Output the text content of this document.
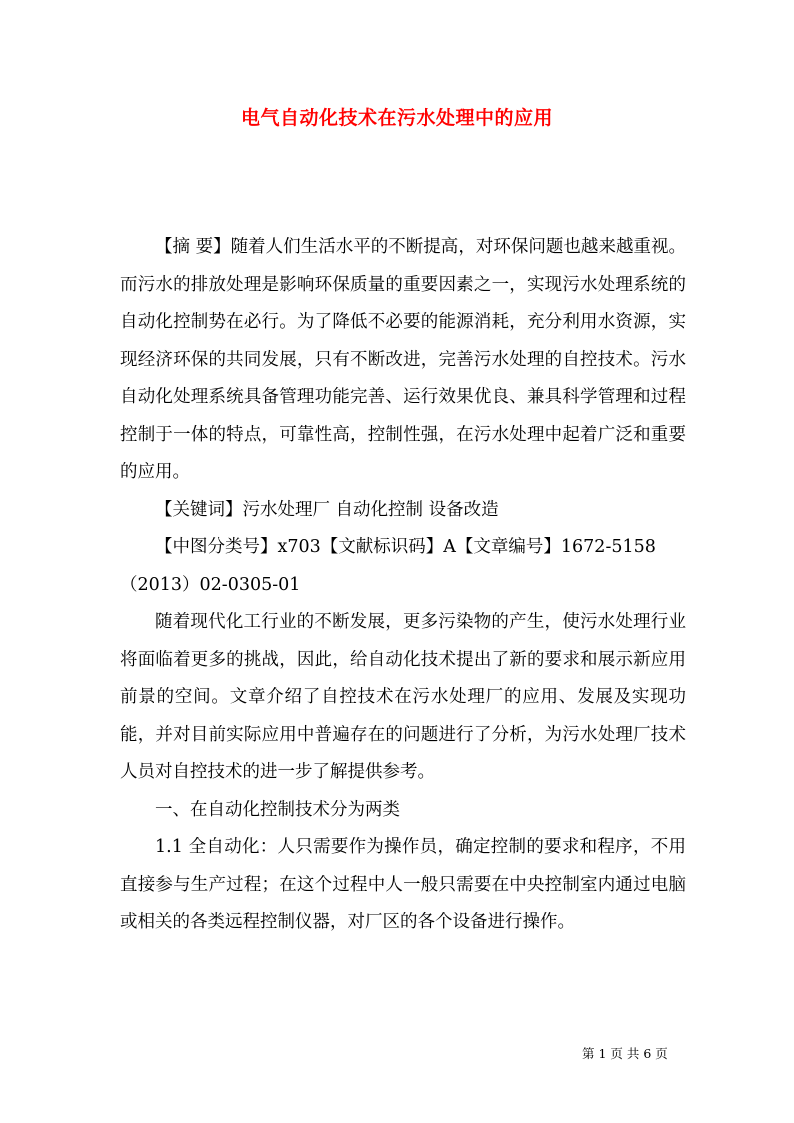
电气自动化技术在污水处理中的应用

【摘 要】随着人们生活水平的不断提高，对环保问题也越来越重视。而污水的排放处理是影响环保质量的重要因素之一，实现污水处理系统的自动化控制势在必行。为了降低不必要的能源消耗，充分利用水资源，实现经济环保的共同发展，只有不断改进，完善污水处理的自控技术。污水自动化处理系统具备管理功能完善、运行效果优良、兼具科学管理和过程控制于一体的特点，可靠性高，控制性强，在污水处理中起着广泛和重要的应用。

【关键词】污水处理厂 自动化控制 设备改造

【中图分类号】x703【文献标识码】A【文章编号】1672-5158

（2013）02-0305-01

随着现代化工行业的不断发展，更多污染物的产生，使污水处理行业将面临着更多的挑战，因此，给自动化技术提出了新的要求和展示新应用前景的空间。文章介绍了自控技术在污水处理厂的应用、发展及实现功能，并对目前实际应用中普遍存在的问题进行了分析，为污水处理厂技术人员对自控技术的进一步了解提供参考。

一、在自动化控制技术分为两类

1.1 全自动化：人只需要作为操作员，确定控制的要求和程序，不用直接参与生产过程；在这个过程中人一般只需要在中央控制室内通过电脑或相关的各类远程控制仪器，对厂区的各个设备进行操作。

第 1 页 共 6 页
